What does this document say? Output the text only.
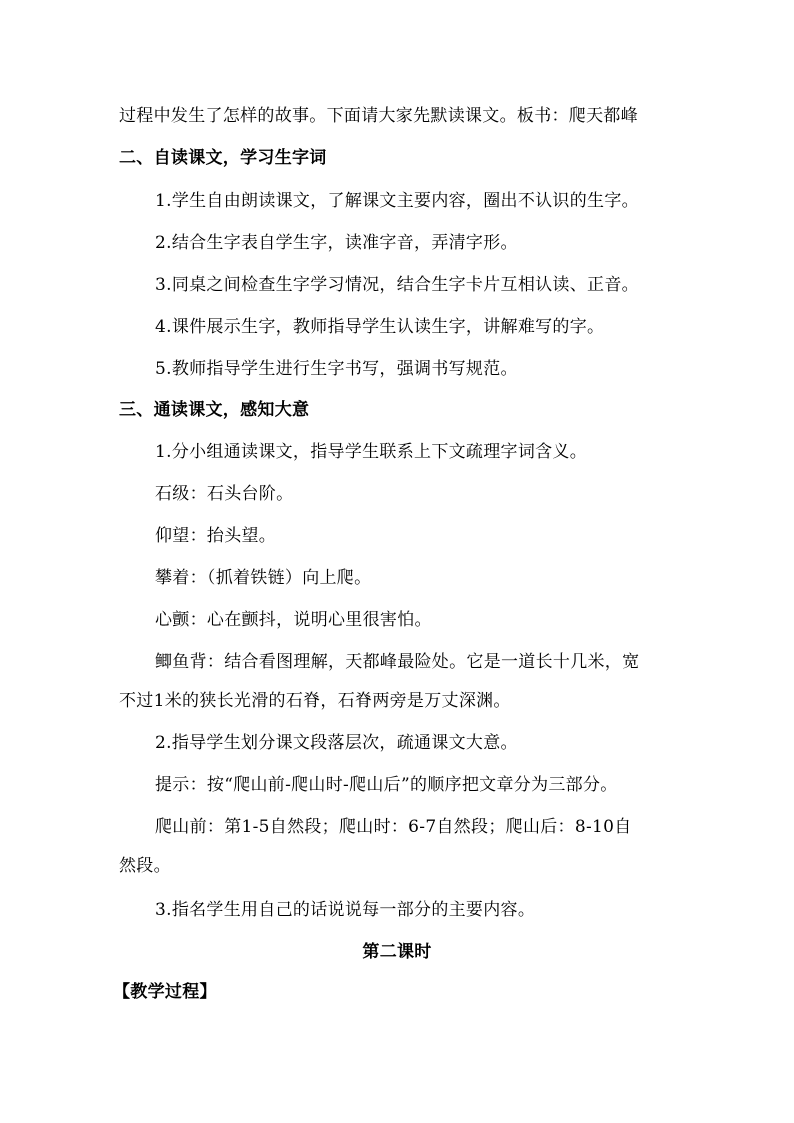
过程中发生了怎样的故事。下面请大家先默读课文。板书：爬天都峰
二、自读课文，学习生字词
1.学生自由朗读课文，了解课文主要内容，圈出不认识的生字。
2.结合生字表自学生字，读准字音，弄清字形。
3.同桌之间检查生字学习情况，结合生字卡片互相认读、正音。
4.课件展示生字，教师指导学生认读生字，讲解难写的字。
5.教师指导学生进行生字书写，强调书写规范。
三、通读课文，感知大意
1.分小组通读课文，指导学生联系上下文疏理字词含义。
石级：石头台阶。
仰望：抬头望。
攀着：（抓着铁链）向上爬。
心颤：心在颤抖，说明心里很害怕。
鲫鱼背：结合看图理解，天都峰最险处。它是一道长十几米，宽
不过1米的狭长光滑的石脊，石脊两旁是万丈深渊。
2.指导学生划分课文段落层次，疏通课文大意。
提示：按“爬山前-爬山时-爬山后”的顺序把文章分为三部分。
爬山前：第1-5自然段；爬山时：6-7自然段；爬山后：8-10自
然段。
3.指名学生用自己的话说说每一部分的主要内容。
第二课时
【教学过程】
